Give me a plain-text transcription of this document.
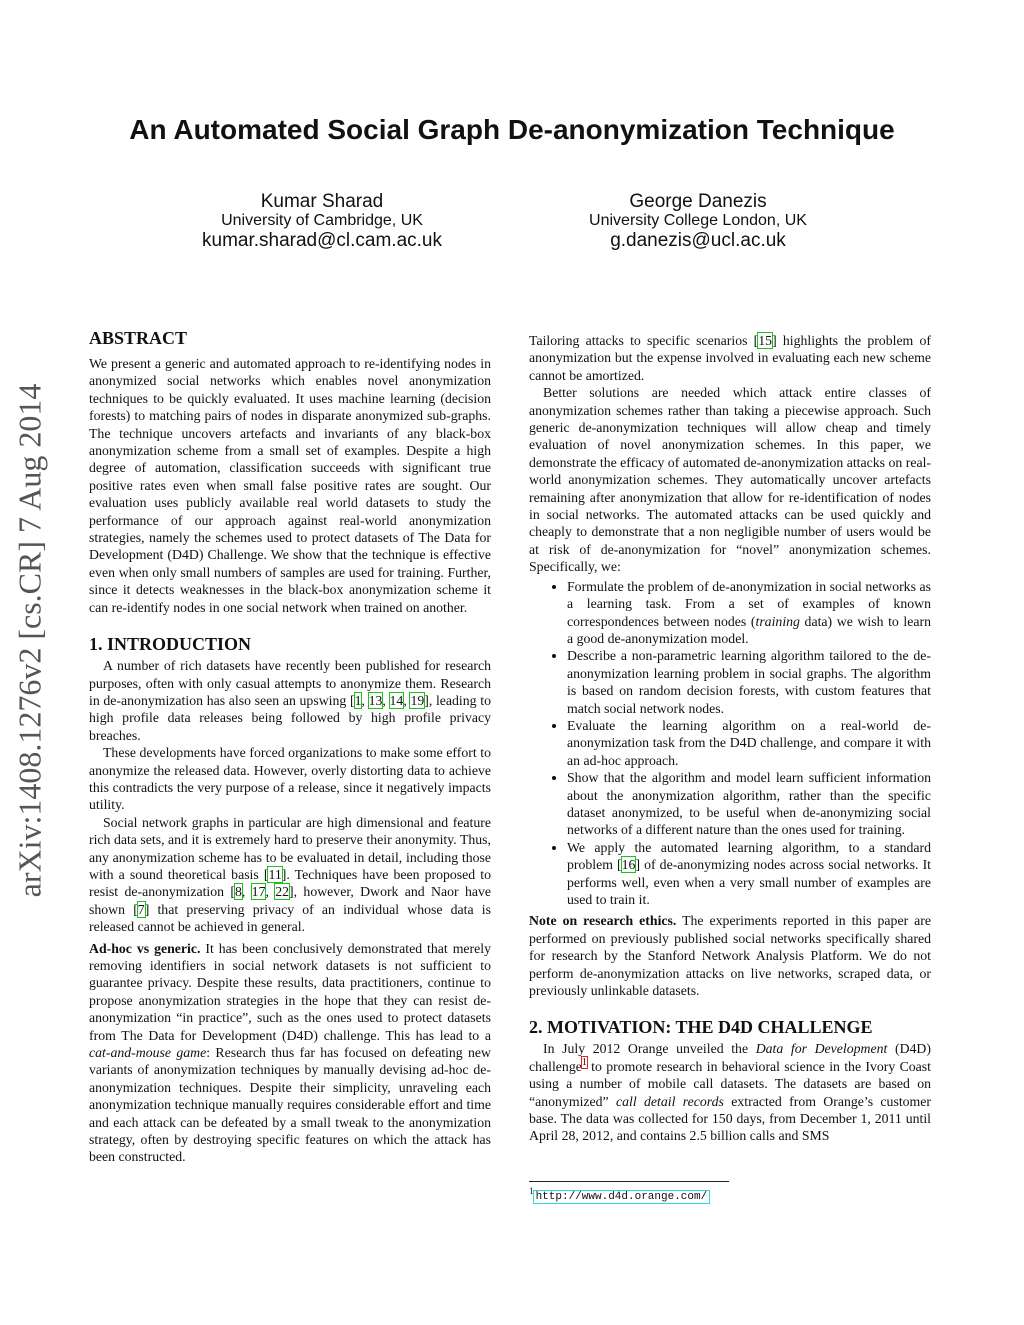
An Automated Social Graph De-anonymization Technique
Kumar Sharad
University of Cambridge, UK
kumar.sharad@cl.cam.ac.uk
George Danezis
University College London, UK
g.danezis@ucl.ac.uk
arXiv:1408.1276v2 [cs.CR] 7 Aug 2014
ABSTRACT

We present a generic and automated approach to re-identifying nodes in anonymized social networks which enables novel anonymization techniques to be quickly evaluated. It uses machine learning (decision forests) to matching pairs of nodes in disparate anonymized sub-graphs. The technique uncovers artefacts and invariants of any black-box anonymization scheme from a small set of examples. Despite a high degree of automation, classification succeeds with significant true positive rates even when small false positive rates are sought. Our evaluation uses publicly available real world datasets to study the performance of our approach against real-world anonymization strategies, namely the schemes used to protect datasets of The Data for Development (D4D) Challenge. We show that the technique is effective even when only small numbers of samples are used for training. Further, since it detects weaknesses in the black-box anonymization scheme it can re-identify nodes in one social network when trained on another.

1. INTRODUCTION

A number of rich datasets have recently been published for research purposes, often with only casual attempts to anonymize them. Research in de-anonymization has also seen an upswing [1, 13, 14, 19], leading to high profile data releases being followed by high profile privacy breaches.

These developments have forced organizations to make some effort to anonymize the released data. However, overly distorting data to achieve this contradicts the very purpose of a release, since it negatively impacts utility.

Social network graphs in particular are high dimensional and feature rich data sets, and it is extremely hard to preserve their anonymity. Thus, any anonymization scheme has to be evaluated in detail, including those with a sound theoretical basis [11]. Techniques have been proposed to resist de-anonymization [8, 17, 22], however, Dwork and Naor have shown [7] that preserving privacy of an individual whose data is released cannot be achieved in general.

Ad-hoc vs generic. It has been conclusively demonstrated that merely removing identifiers in social network datasets is not sufficient to guarantee privacy. Despite these results, data practitioners, continue to propose anonymization strategies in the hope that they can resist de-anonymization “in practice”, such as the ones used to protect datasets from The Data for Development (D4D) challenge. This has lead to a cat-and-mouse game: Research thus far has focused on defeating new variants of anonymization techniques by manually devising ad-hoc de-anonymization techniques. Despite their simplicity, unraveling each anonymization technique manually requires considerable effort and time and each attack can be defeated by a small tweak to the anonymization strategy, often by destroying specific features on which the attack has been constructed.

Tailoring attacks to specific scenarios [15] highlights the problem of anonymization but the expense involved in evaluating each new scheme cannot be amortized.

Better solutions are needed which attack entire classes of anonymization schemes rather than taking a piecewise approach. Such generic de-anonymization techniques will allow cheap and timely evaluation of novel anonymization schemes. In this paper, we demonstrate the efficacy of automated de-anonymization attacks on real-world anonymization schemes. They automatically uncover artefacts remaining after anonymization that allow for re-identification of nodes in social networks. The automated attacks can be used quickly and cheaply to demonstrate that a non negligible number of users would be at risk of de-anonymization for “novel” anonymization schemes. Specifically, we:

• Formulate the problem of de-anonymization in social networks as a learning task. From a set of examples of known correspondences between nodes (training data) we wish to learn a good de-anonymization model.
• Describe a non-parametric learning algorithm tailored to the de-anonymization learning problem in social graphs. The algorithm is based on random decision forests, with custom features that match social network nodes.
• Evaluate the learning algorithm on a real-world de-anonymization task from the D4D challenge, and compare it with an ad-hoc approach.
• Show that the algorithm and model learn sufficient information about the anonymization algorithm, rather than the specific dataset anonymized, to be useful when de-anonymizing social networks of a different nature than the ones used for training.
• We apply the automated learning algorithm, to a standard problem [16] of de-anonymizing nodes across social networks. It performs well, even when a very small number of examples are used to train it.

Note on research ethics. The experiments reported in this paper are performed on previously published social networks specifically shared for research by the Stanford Network Analysis Platform. We do not perform de-anonymization attacks on live networks, scraped data, or previously unlinkable datasets.

2. MOTIVATION: THE D4D CHALLENGE

In July 2012 Orange unveiled the Data for Development (D4D) challenge$^1$ to promote research in behavioral science in the Ivory Coast using a number of mobile call datasets. The datasets are based on “anonymized” call detail records extracted from Orange’s customer base. The data was collected for 150 days, from December 1, 2011 until April 28, 2012, and contains 2.5 billion calls and SMS

$^1$ http://www.d4d.orange.com/
